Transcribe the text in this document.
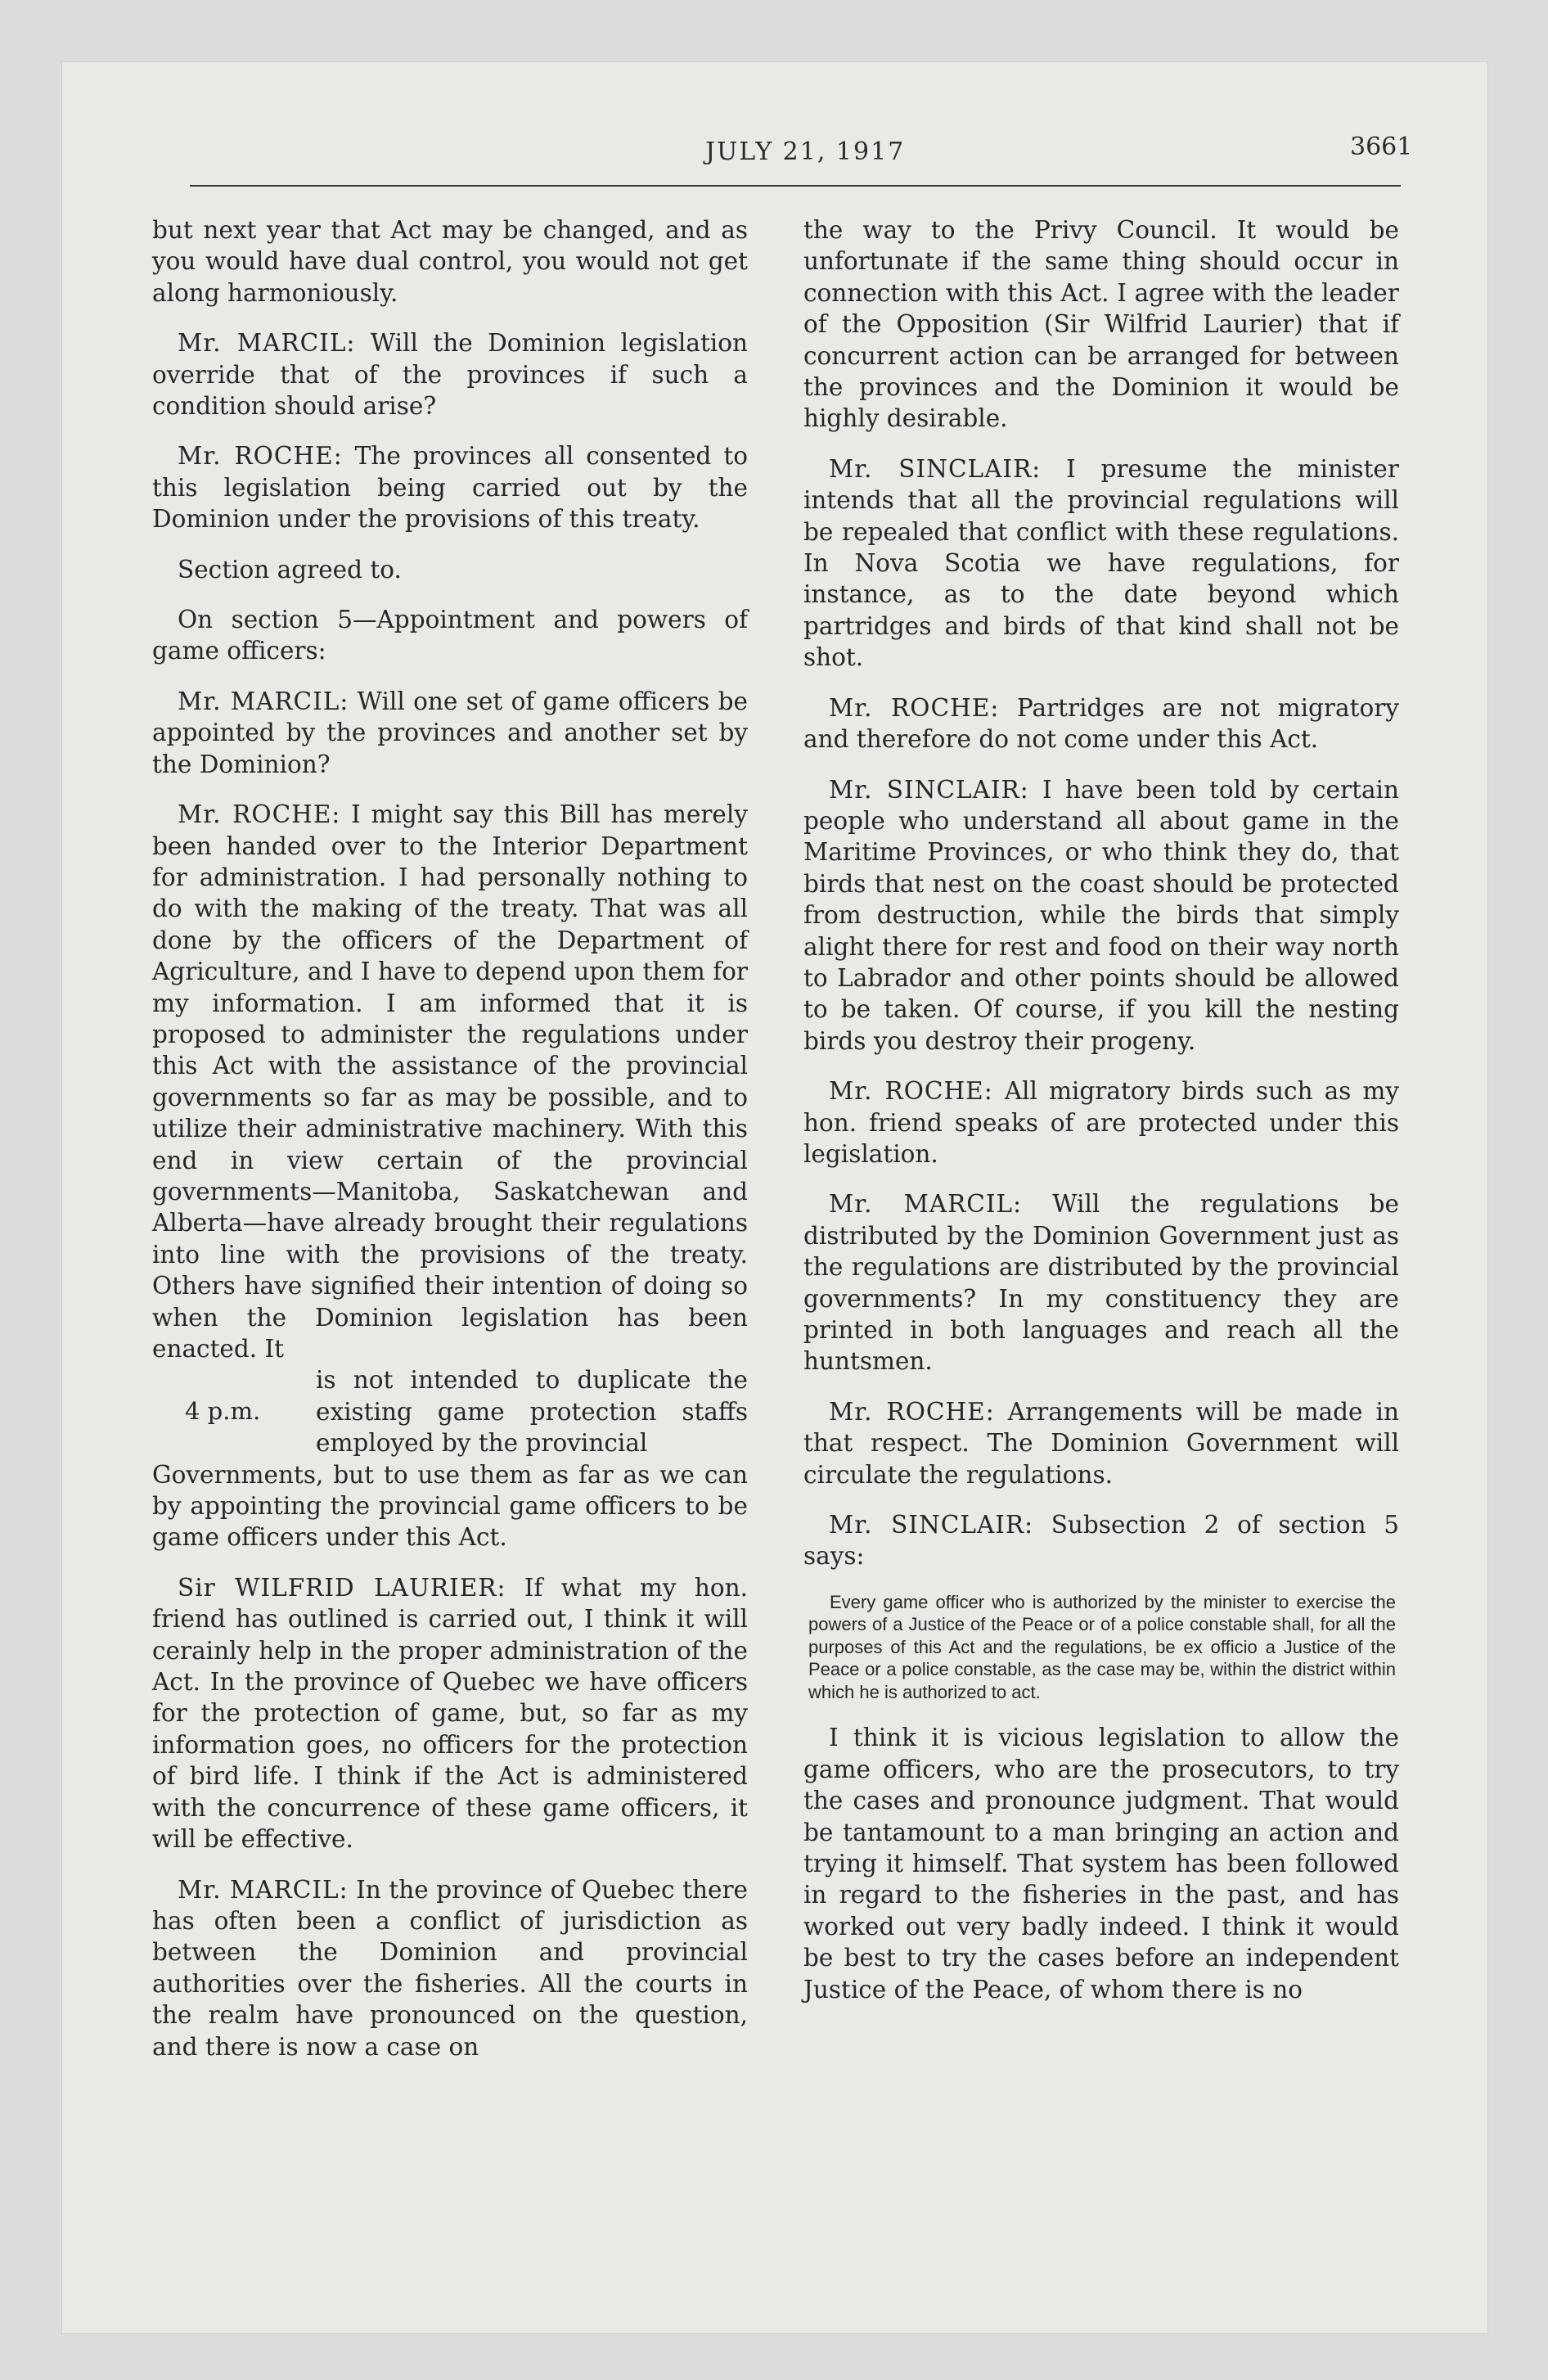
JULY 21, 1917	3661

but next year that Act may be changed, and as you would have dual control, you would not get along harmoniously.

Mr. MARCIL: Will the Dominion legislation override that of the provinces if such a condition should arise?

Mr. ROCHE: The provinces all consented to this legislation being carried out by the Dominion under the provisions of this treaty.

Section agreed to.

On section 5—Appointment and powers of game officers:

Mr. MARCIL: Will one set of game officers be appointed by the provinces and another set by the Dominion?

Mr. ROCHE: I might say this Bill has merely been handed over to the Interior Department for administration. I had personally nothing to do with the making of the treaty. That was all done by the officers of the Department of Agriculture, and I have to depend upon them for my information. I am informed that it is proposed to administer the regulations under this Act with the assistance of the provincial governments so far as may be possible, and to utilize their administrative machinery. With this end in view certain of the provincial governments—Manitoba, Saskatchewan and Alberta—have already brought their regulations into line with the provisions of the treaty. Others have signified their intention of doing so when the Dominion legislation has been enacted. It

4 p.m.

is not intended to duplicate the existing game protection staffs employed by the provincial

Governments, but to use them as far as we can by appointing the provincial game officers to be game officers under this Act.

Sir WILFRID LAURIER: If what my hon. friend has outlined is carried out, I think it will cerainly help in the proper administration of the Act. In the province of Quebec we have officers for the protection of game, but, so far as my information goes, no officers for the protection of bird life. I think if the Act is administered with the concurrence of these game officers, it will be effective.

Mr. MARCIL: In the province of Quebec there has often been a conflict of jurisdiction as between the Dominion and provincial authorities over the fisheries. All the courts in the realm have pronounced on the question, and there is now a case on

the way to the Privy Council. It would be unfortunate if the same thing should occur in connection with this Act. I agree with the leader of the Opposition (Sir Wilfrid Laurier) that if concurrent action can be arranged for between the provinces and the Dominion it would be highly desirable.

Mr. SINCLAIR: I presume the minister intends that all the provincial regulations will be repealed that conflict with these regulations. In Nova Scotia we have regulations, for instance, as to the date beyond which partridges and birds of that kind shall not be shot.

Mr. ROCHE: Partridges are not migratory and therefore do not come under this Act.

Mr. SINCLAIR: I have been told by certain people who understand all about game in the Maritime Provinces, or who think they do, that birds that nest on the coast should be protected from destruction, while the birds that simply alight there for rest and food on their way north to Labrador and other points should be allowed to be taken. Of course, if you kill the nesting birds you destroy their progeny.

Mr. ROCHE: All migratory birds such as my hon. friend speaks of are protected under this legislation.

Mr. MARCIL: Will the regulations be distributed by the Dominion Government just as the regulations are distributed by the provincial governments? In my constituency they are printed in both languages and reach all the huntsmen.

Mr. ROCHE: Arrangements will be made in that respect. The Dominion Government will circulate the regulations.

Mr. SINCLAIR: Subsection 2 of section 5 says:

Every game officer who is authorized by the minister to exercise the powers of a Justice of the Peace or of a police constable shall, for all the purposes of this Act and the regulations, be ex officio a Justice of the Peace or a police constable, as the case may be, within the district within which he is authorized to act.

I think it is vicious legislation to allow the game officers, who are the prosecutors, to try the cases and pronounce judgment. That would be tantamount to a man bringing an action and trying it himself. That system has been followed in regard to the fisheries in the past, and has worked out very badly indeed. I think it would be best to try the cases before an independent Justice of the Peace, of whom there is no
